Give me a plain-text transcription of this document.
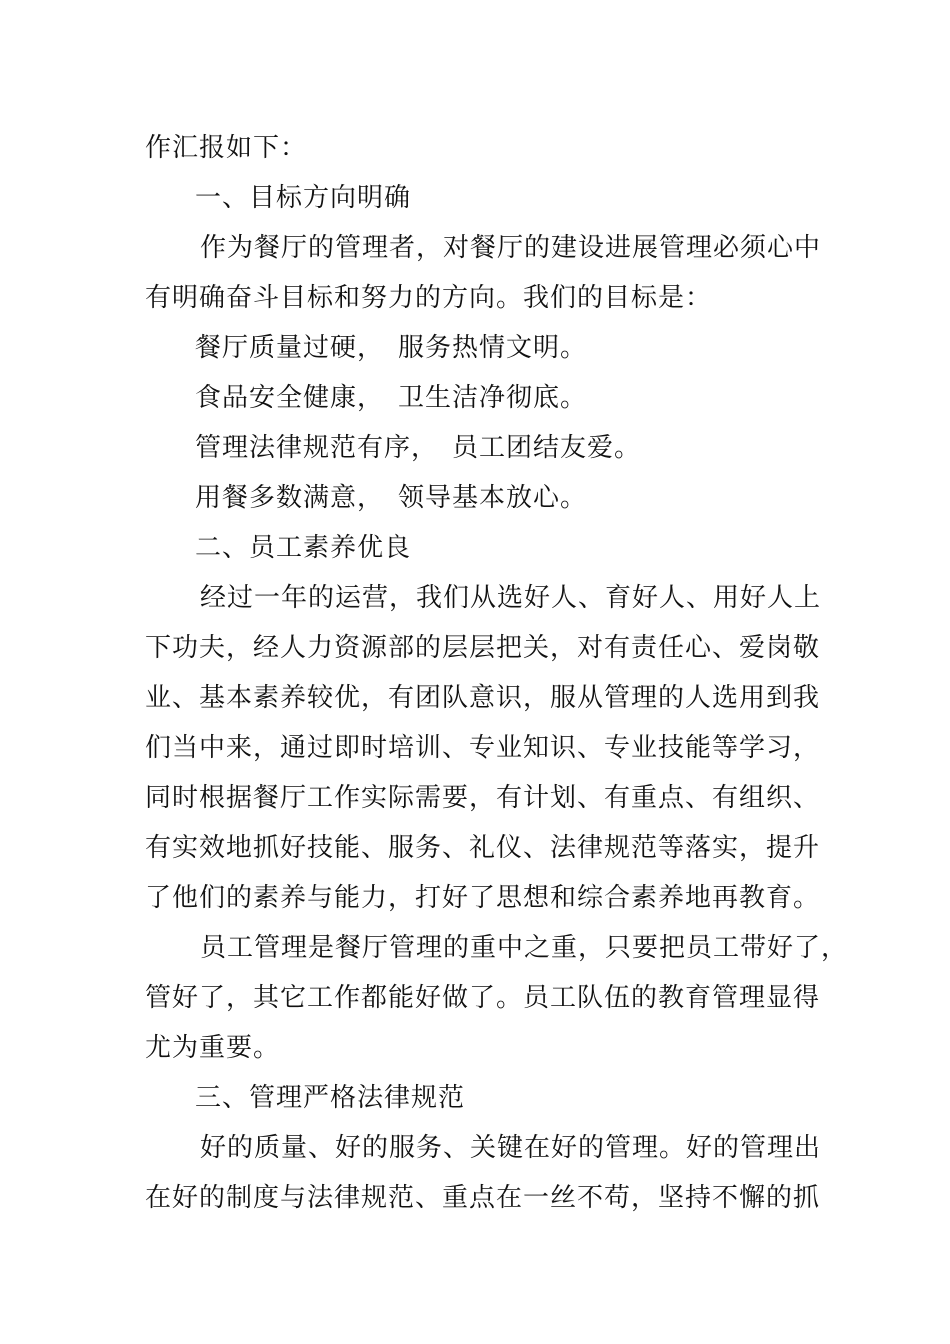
作汇报如下：
一、目标方向明确
作为餐厅的管理者，对餐厅的建设进展管理必须心中
有明确奋斗目标和努力的方向。我们的目标是：
餐厅质量过硬，　服务热情文明。
食品安全健康，　卫生洁净彻底。
管理法律规范有序，　员工团结友爱。
用餐多数满意，　领导基本放心。
二、员工素养优良
经过一年的运营，我们从选好人、育好人、用好人上
下功夫，经人力资源部的层层把关，对有责任心、爱岗敬
业、基本素养较优，有团队意识，服从管理的人选用到我
们当中来，通过即时培训、专业知识、专业技能等学习，
同时根据餐厅工作实际需要，有计划、有重点、有组织、
有实效地抓好技能、服务、礼仪、法律规范等落实，提升
了他们的素养与能力，打好了思想和综合素养地再教育。
员工管理是餐厅管理的重中之重，只要把员工带好了，
管好了，其它工作都能好做了。员工队伍的教育管理显得
尤为重要。
三、管理严格法律规范
好的质量、好的服务、关键在好的管理。好的管理出
在好的制度与法律规范、重点在一丝不苟，坚持不懈的抓
